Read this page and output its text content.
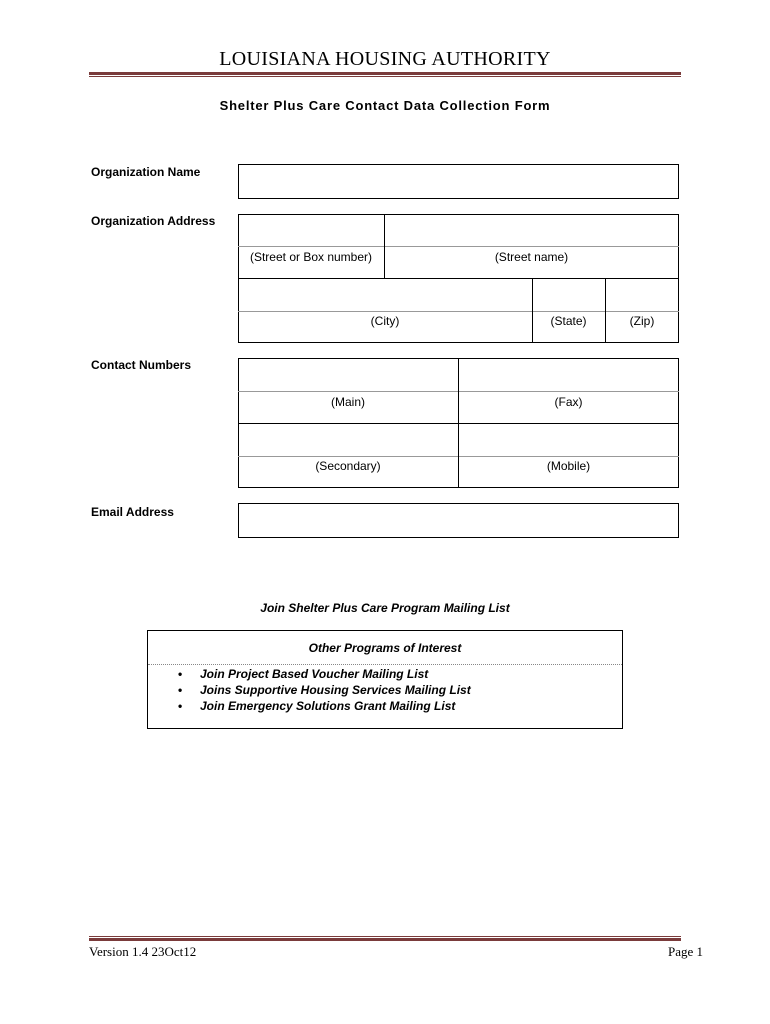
LOUISIANA HOUSING AUTHORITY
Shelter Plus Care Contact Data Collection Form
Organization Name
Organization Address
(Street or Box number)	(Street name)
(City)	(State)	(Zip)
Contact Numbers
(Main)	(Fax)
(Secondary)	(Mobile)
Email Address
Join Shelter Plus Care Program Mailing List
Other Programs of Interest
• Join Project Based Voucher Mailing List
• Joins Supportive Housing Services Mailing List
• Join Emergency Solutions Grant Mailing List
Version 1.4 23Oct12	Page 1
